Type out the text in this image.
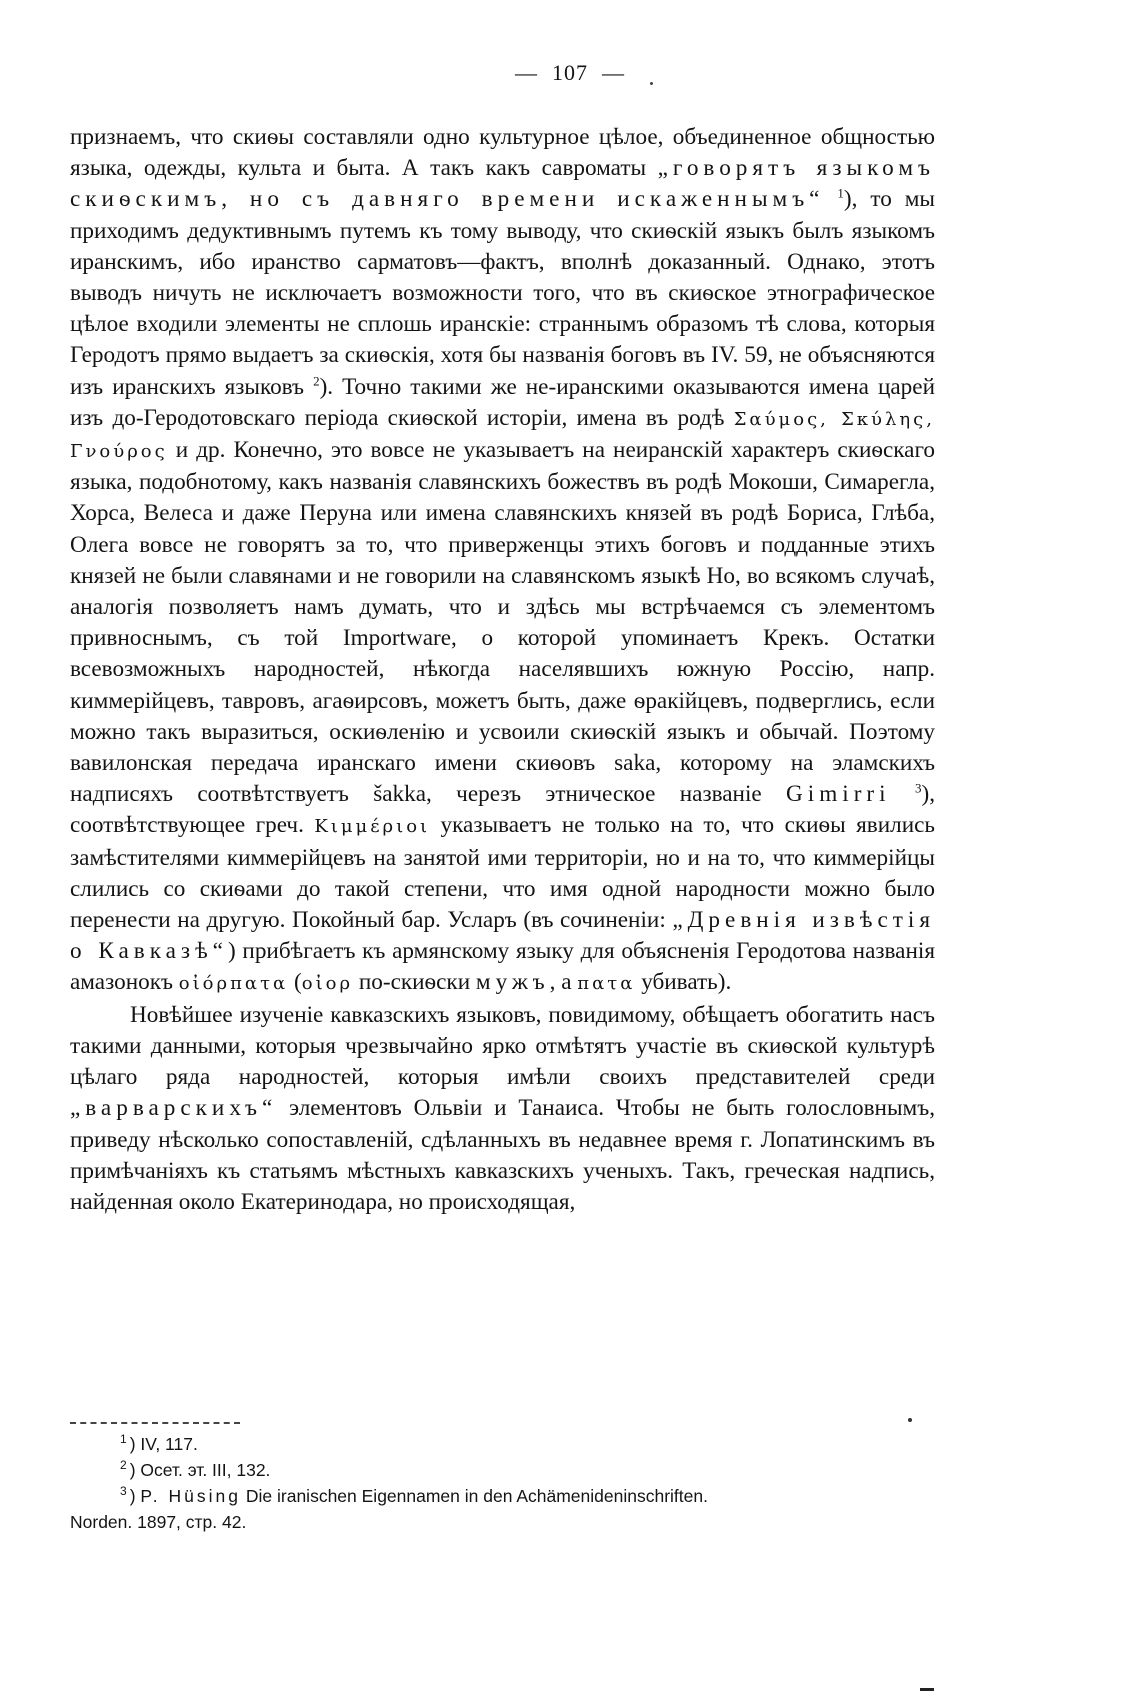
— 107 —

признаемъ, что скиѳы составляли одно культурное цѣлое, объединенное общностью языка, одежды, культа и быта. А такъ какъ савроматы „говорятъ языкомъ скиѳскимъ, но съ давняго времени искаженнымъ“ $^1$), то мы приходимъ дедуктивнымъ путемъ къ тому выводу, что скиѳскій языкъ былъ языкомъ иранскимъ, ибо иранство сарматовъ—фактъ, вполнѣ доказанный. Однако, этотъ выводъ ничуть не исключаетъ возможности того, что въ скиѳское этнографическое цѣлое входили элементы не сплошь иранскіе: страннымъ образомъ тѣ слова, которыя Геродотъ прямо выдаетъ за скиѳскія, хотя бы названія боговъ въ IV. 59, не объясняются изъ иранскихъ языковъ $^2$). Точно такими же не-иранскими оказываются имена царей изъ до-Геродотовскаго періода скиѳской исторіи, имена въ родѣ Σαύμος, Σκύλης, Γνούρος и др. Конечно, это вовсе не указываетъ на неиранскій характеръ скиѳскаго языка, подобнотому, какъ названія славянскихъ божествъ въ родѣ Мокоши, Симарегла, Хорса, Велеса и даже Перуна или имена славянскихъ князей въ родѣ Бориса, Глѣба, Олега вовсе не говорятъ за то, что приверженцы этихъ боговъ и подданные этихъ князей не были славянами и не говорили на славянскомъ языкѣ Но, во всякомъ случаѣ, аналогія позволяетъ намъ думать, что и здѣсь мы встрѣчаемся съ элементомъ привноснымъ, съ той Importware, о которой упоминаетъ Крекъ. Остатки всевозможныхъ народностей, нѣкогда населявшихъ южную Россію, напр. киммерійцевъ, тавровъ, агаѳирсовъ, можетъ быть, даже ѳракійцевъ, подверглись, если можно такъ выразиться, оскиѳленію и усвоили скиѳскій языкъ и обычай. Поэтому вавилонская передача иранскаго имени скиѳовъ saka, которому на эламскихъ надписяхъ соотвѣтствуетъ šakka, черезъ этническое названіе Gimirri $^3$), соотвѣтствующее греч. Κιμμέριοι указываетъ не только на то, что скиѳы явились замѣстителями киммерійцевъ на занятой ими территоріи, но и на то, что киммерійцы слились со скиѳами до такой степени, что имя одной народности можно было перенести на другую. Покойный бар. Усларъ (въ сочиненіи: „Древнія извѣстія о Кавказѣ“) прибѣгаетъ къ армянскому языку для объясненія Геродотова названія амазонокъ οἰόρπατα (οἰορ по-скиѳски мужъ, а πατα убивать).

Новѣйшее изученіе кавказскихъ языковъ, повидимому, обѣщаетъ обогатить насъ такими данными, которыя чрезвычайно ярко отмѣтятъ участіе въ скиѳской культурѣ цѣлаго ряда народностей, которыя имѣли своихъ представителей среди „варварскихъ“ элементовъ Ольвіи и Танаиса. Чтобы не быть голословнымъ, приведу нѣсколько сопоставленій, сдѣланныхъ въ недавнее время г. Лопатинскимъ въ примѣчаніяхъ къ статьямъ мѣстныхъ кавказскихъ ученыхъ. Такъ, греческая надпись, найденная около Екатеринодара, но происходящая,

$^1$ ) IV, 117.

$^2$ ) Осет. эт. III, 132.

$^3$ ) P. Hüsing Die iranischen Eigennamen in den Achämenideninschriften.

Norden. 1897, стр. 42.
